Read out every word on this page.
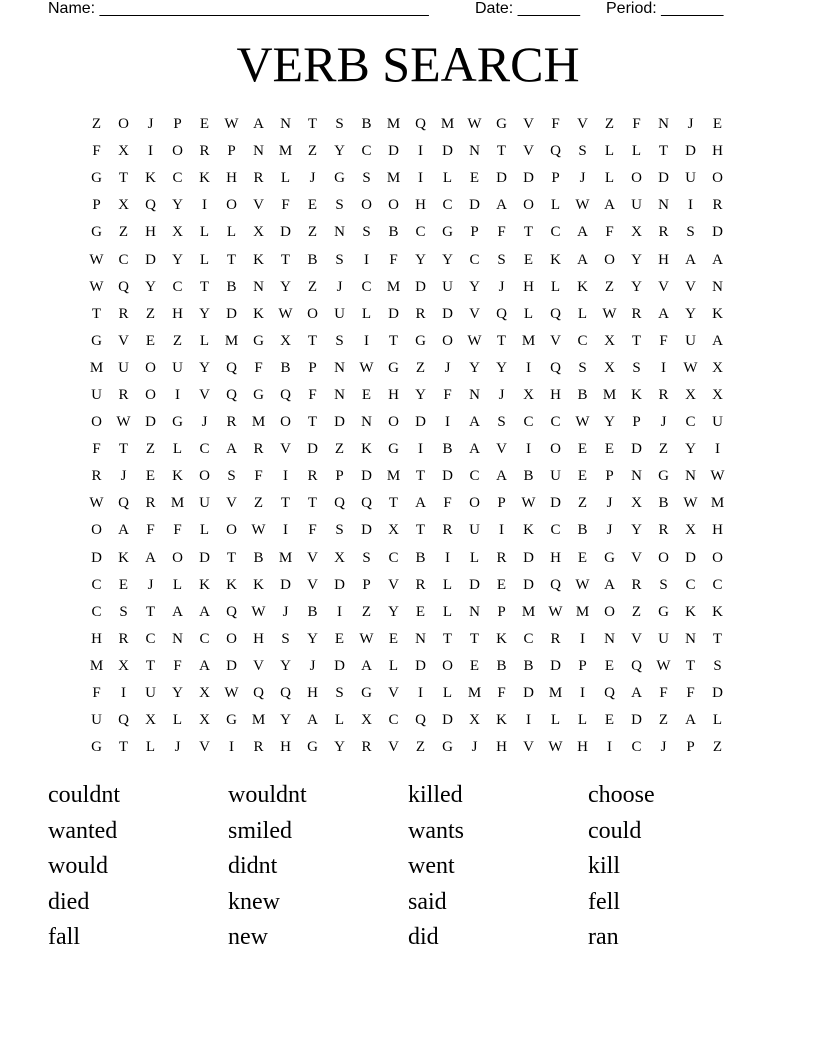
Name: _____________________________________	Date: _______ Period: _______
VERB SEARCH
Z	O	J	P	E	W A	N	T	S	B	M Q M W G	V	F	V	Z	F	N	J	E
F	X	I	O	R	P	N M	Z	Y	C	D	I	D	N	T	V	Q	S	L	L	T	D	H
G	T	K	C	K	H	R	L	J	G	S	M	I	L	E	D	D	P	J	L	O	D	U	O
P	X	Q	Y	I	O	V	F	E	S	O	O	H	C	D	A	O	L	W A	U	N	I	R
G	Z	H	X	L	L	X	D	Z	N	S	B	C	G	P	F	T	C	A	F	X	R	S	D
W C	D	Y	L	T	K	T	B	S	I	F	Y	Y	C	S	E	K	A	O	Y	H	A	A
W Q	Y	C	T	B	N	Y	Z	J	C	M D	U	Y	J	H	L	K	Z	Y	V	V	N
T	R	Z	H	Y	D	K W O	U	L	D	R	D	V	Q	L	Q	L	W R	A	Y	K
G	V	E	Z	L	M G	X	T	S	I	T	G	O W	T	M V	C	X	T	F	U	A
M U	O	U	Y	Q	F	B	P	N W G	Z	J	Y	Y	I	Q	S	X	S	I	W X
U	R	O	I	V	Q	G	Q	F	N	E	H	Y	F	N	J	X	H	B	M K	R	X	X
O W D	G	J	R	M O	T	D	N	O	D	I	A	S	C	C W Y	P	J	C	U
F	T	Z	L	C	A	R	V	D	Z	K	G	I	B	A	V	I	O	E	E	D	Z	Y	I
R	J	E	K	O	S	F	I	R	P	D M	T	D	C	A	B	U	E	P	N	G	N W
W Q	R	M U	V	Z	T	T	Q	Q	T	A	F	O	P	W D	Z	J	X	B W M
O	A	F	F	L	O W	I	F	S	D	X	T	R	U	I	K	C	B	J	Y	R	X	H
D	K	A	O	D	T	B	M V	X	S	C	B	I	L	R	D	H	E	G	V	O	D	O
C	E	J	L	K	K	K	D	V	D	P	V	R	L	D	E	D	Q W A	R	S	C	C
C	S	T	A	A	Q W	J	B	I	Z	Y	E	L	N	P	M W M O	Z	G	K	K
H	R	C	N	C	O	H	S	Y	E	W	E	N	T	T	K	C	R	I	N	V	U	N	T
M X	T	F	A	D	V	Y	J	D	A	L	D	O	E	B	B	D	P	E	Q W	T	S
F	I	U	Y	X W Q	Q	H	S	G	V	I	L	M	F	D M	I	Q	A	F	F	D
U	Q	X	L	X	G M Y	A	L	X	C	Q	D	X	K	I	L	L	E	D	Z	A	L
G	T	L	J	V	I	R	H	G	Y	R	V	Z	G	J	H	V W H	I	C	J	P	Z
couldnt	wouldnt	killed	choose
wanted	smiled	wants	could
would	didnt	went	kill
died	knew	said	fell
fall	new	did	ran
